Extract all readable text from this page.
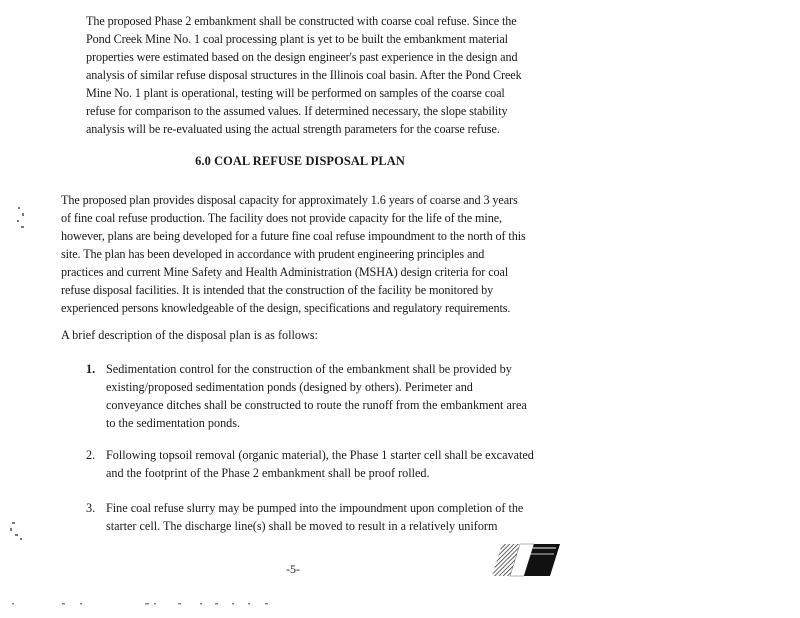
The proposed Phase 2 embankment shall be constructed with coarse coal refuse. Since the
Pond Creek Mine No. 1 coal processing plant is yet to be built the embankment material
properties were estimated based on the design engineer's past experience in the design and
analysis of similar refuse disposal structures in the Illinois coal basin. After the Pond Creek
Mine No. 1 plant is operational, testing will be performed on samples of the coarse coal
refuse for comparison to the assumed values. If determined necessary, the slope stability
analysis will be re-evaluated using the actual strength parameters for the coarse refuse.
6.0 COAL REFUSE DISPOSAL PLAN
The proposed plan provides disposal capacity for approximately 1.6 years of coarse and 3 years
of fine coal refuse production. The facility does not provide capacity for the life of the mine,
however, plans are being developed for a future fine coal refuse impoundment to the north of this
site. The plan has been developed in accordance with prudent engineering principles and
practices and current Mine Safety and Health Administration (MSHA) design criteria for coal
refuse disposal facilities. It is intended that the construction of the facility be monitored by
experienced persons knowledgeable of the design, specifications and regulatory requirements.
A brief description of the disposal plan is as follows:
1. Sedimentation control for the construction of the embankment shall be provided by
existing/proposed sedimentation ponds (designed by others). Perimeter and
conveyance ditches shall be constructed to route the runoff from the embankment area
to the sedimentation ponds.
2. Following topsoil removal (organic material), the Phase 1 starter cell shall be excavated
and the footprint of the Phase 2 embankment shall be proof rolled.
3. Fine coal refuse slurry may be pumped into the impoundment upon completion of the
starter cell. The discharge line(s) shall be moved to result in a relatively uniform
-5-
